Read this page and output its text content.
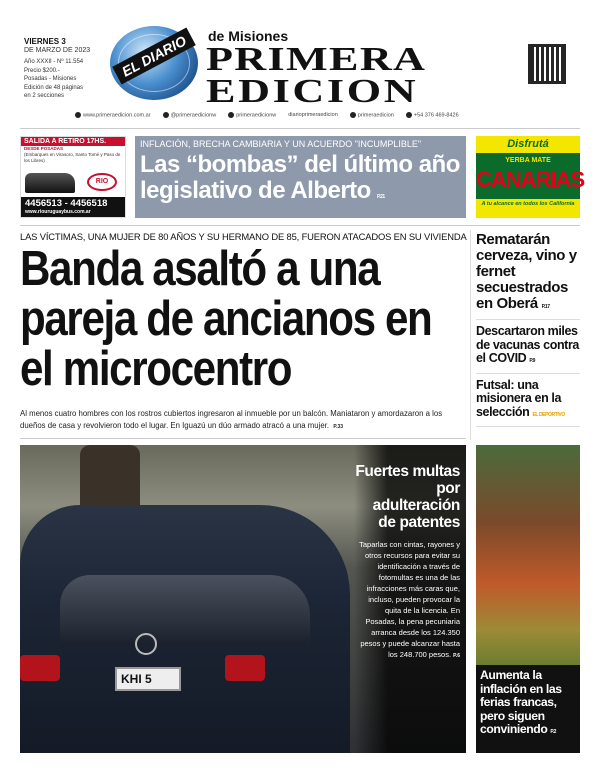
VIERNES 3
DE MARZO DE 2023
Año XXXII - Nº 11.554
Precio $200.-
Posadas - Misiones
Edición de 48 páginas
en 2 secciones
EL DIARIO	de Misiones
PRIMERA
EDICION
www.primeraedicion.com.ar	@primeraedicionw	primeraedicionw diarioprimeraedicion	primeraedicion	+54 376 469-8426
SALIDA A RETIRO 17HS.
DESDE POSADAS
(Embarques en Virasoro, Santo Tomé y Paso de los Libres)
RIO
4456513 - 4456518
www.riouruguaybus.com.ar
INFLACIÓN, BRECHA CAMBIARIA Y UN ACUERDO "INCUMPLIBLE"
Las “bombas” del último año legislativo de Alberto P.21
Disfrutá
YERBA MATE
CANARIAS
A tu alcance en todos los California
LAS VÍCTIMAS, UNA MUJER DE 80 AÑOS Y SU HERMANO DE 85, FUERON ATACADOS EN SU VIVIENDA
Banda asaltó a una pareja de ancianos en el microcentro
Al menos cuatro hombres con los rostros cubiertos ingresaron al inmueble por un balcón. Maniataron y amordazaron a los dueños de casa y revolvieron todo el lugar. En Iguazú un dúo armado atracó a una mujer. P.33
Rematarán cerveza, vino y fernet secuestrados en Oberá P.17
Descartaron miles de vacunas contra el COVID P.9
Futsal: una misionera en la selección EL DEPORTIVO
KHI 5
Fuertes multas por adulteración de patentes
Taparlas con cintas, rayones y otros recursos para evitar su identificación a través de fotomultas es una de las infracciones más caras que, incluso, pueden provocar la quita de la licencia. En Posadas, la pena pecuniaria arranca desde los 124.350 pesos y puede alcanzar hasta los 248.700 pesos. P.6
Aumenta la inflación en las ferias francas, pero siguen conviniendo P.2
